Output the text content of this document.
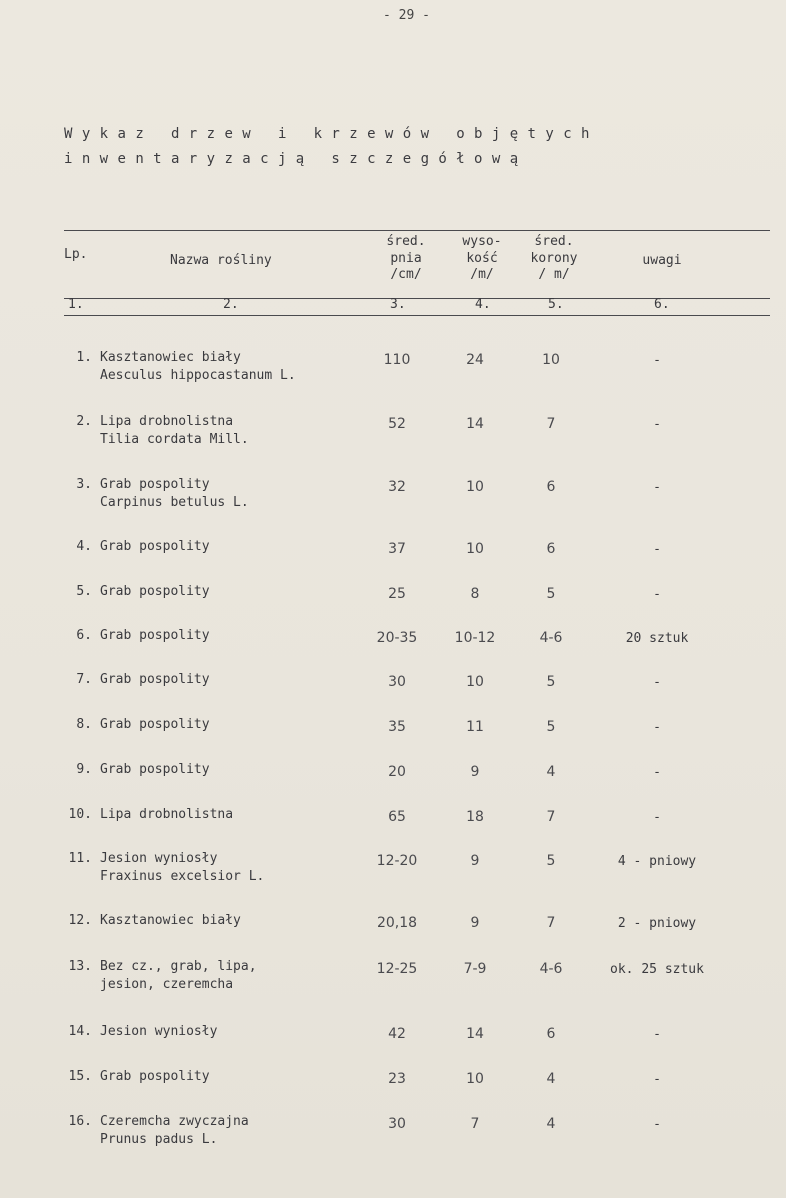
- 29 -
Wykaz drzew i krzewów objętych
inwentaryzacją szczegółową
Lp.	Nazwa rośliny
śred.
pnia
/cm/
wyso-
kość
/m/
śred.
korony
/ m/
uwagi
1.	2.	3.	4.	5.	6.
1. Kasztanowiec biały
Aesculus hippocastanum L.
110	24	10	-
2. Lipa drobnolistna
Tilia cordata Mill.
52	14	7	-
3. Grab pospolity
Carpinus betulus L.
32	10	6	-
4. Grab pospolity	37	10	6	-
5. Grab pospolity	25	8	5	-
6. Grab pospolity	20-35	10-12	4-6	20 sztuk
7. Grab pospolity	30	10	5	-
8. Grab pospolity	35	11	5	-
9. Grab pospolity	20	9	4	-
10. Lipa drobnolistna	65	18	7	-
11. Jesion wyniosły
Fraxinus excelsior L.
12-20	9	5	4 - pniowy
12. Kasztanowiec biały	20,18	9	7	2 - pniowy
13. Bez cz., grab, lipa,
jesion, czeremcha
12-25	7-9	4-6	ok. 25 sztuk
14. Jesion wyniosły	42	14	6	-
15. Grab pospolity	23	10	4	-
16. Czeremcha zwyczajna
Prunus padus L.
30	7	4	-
